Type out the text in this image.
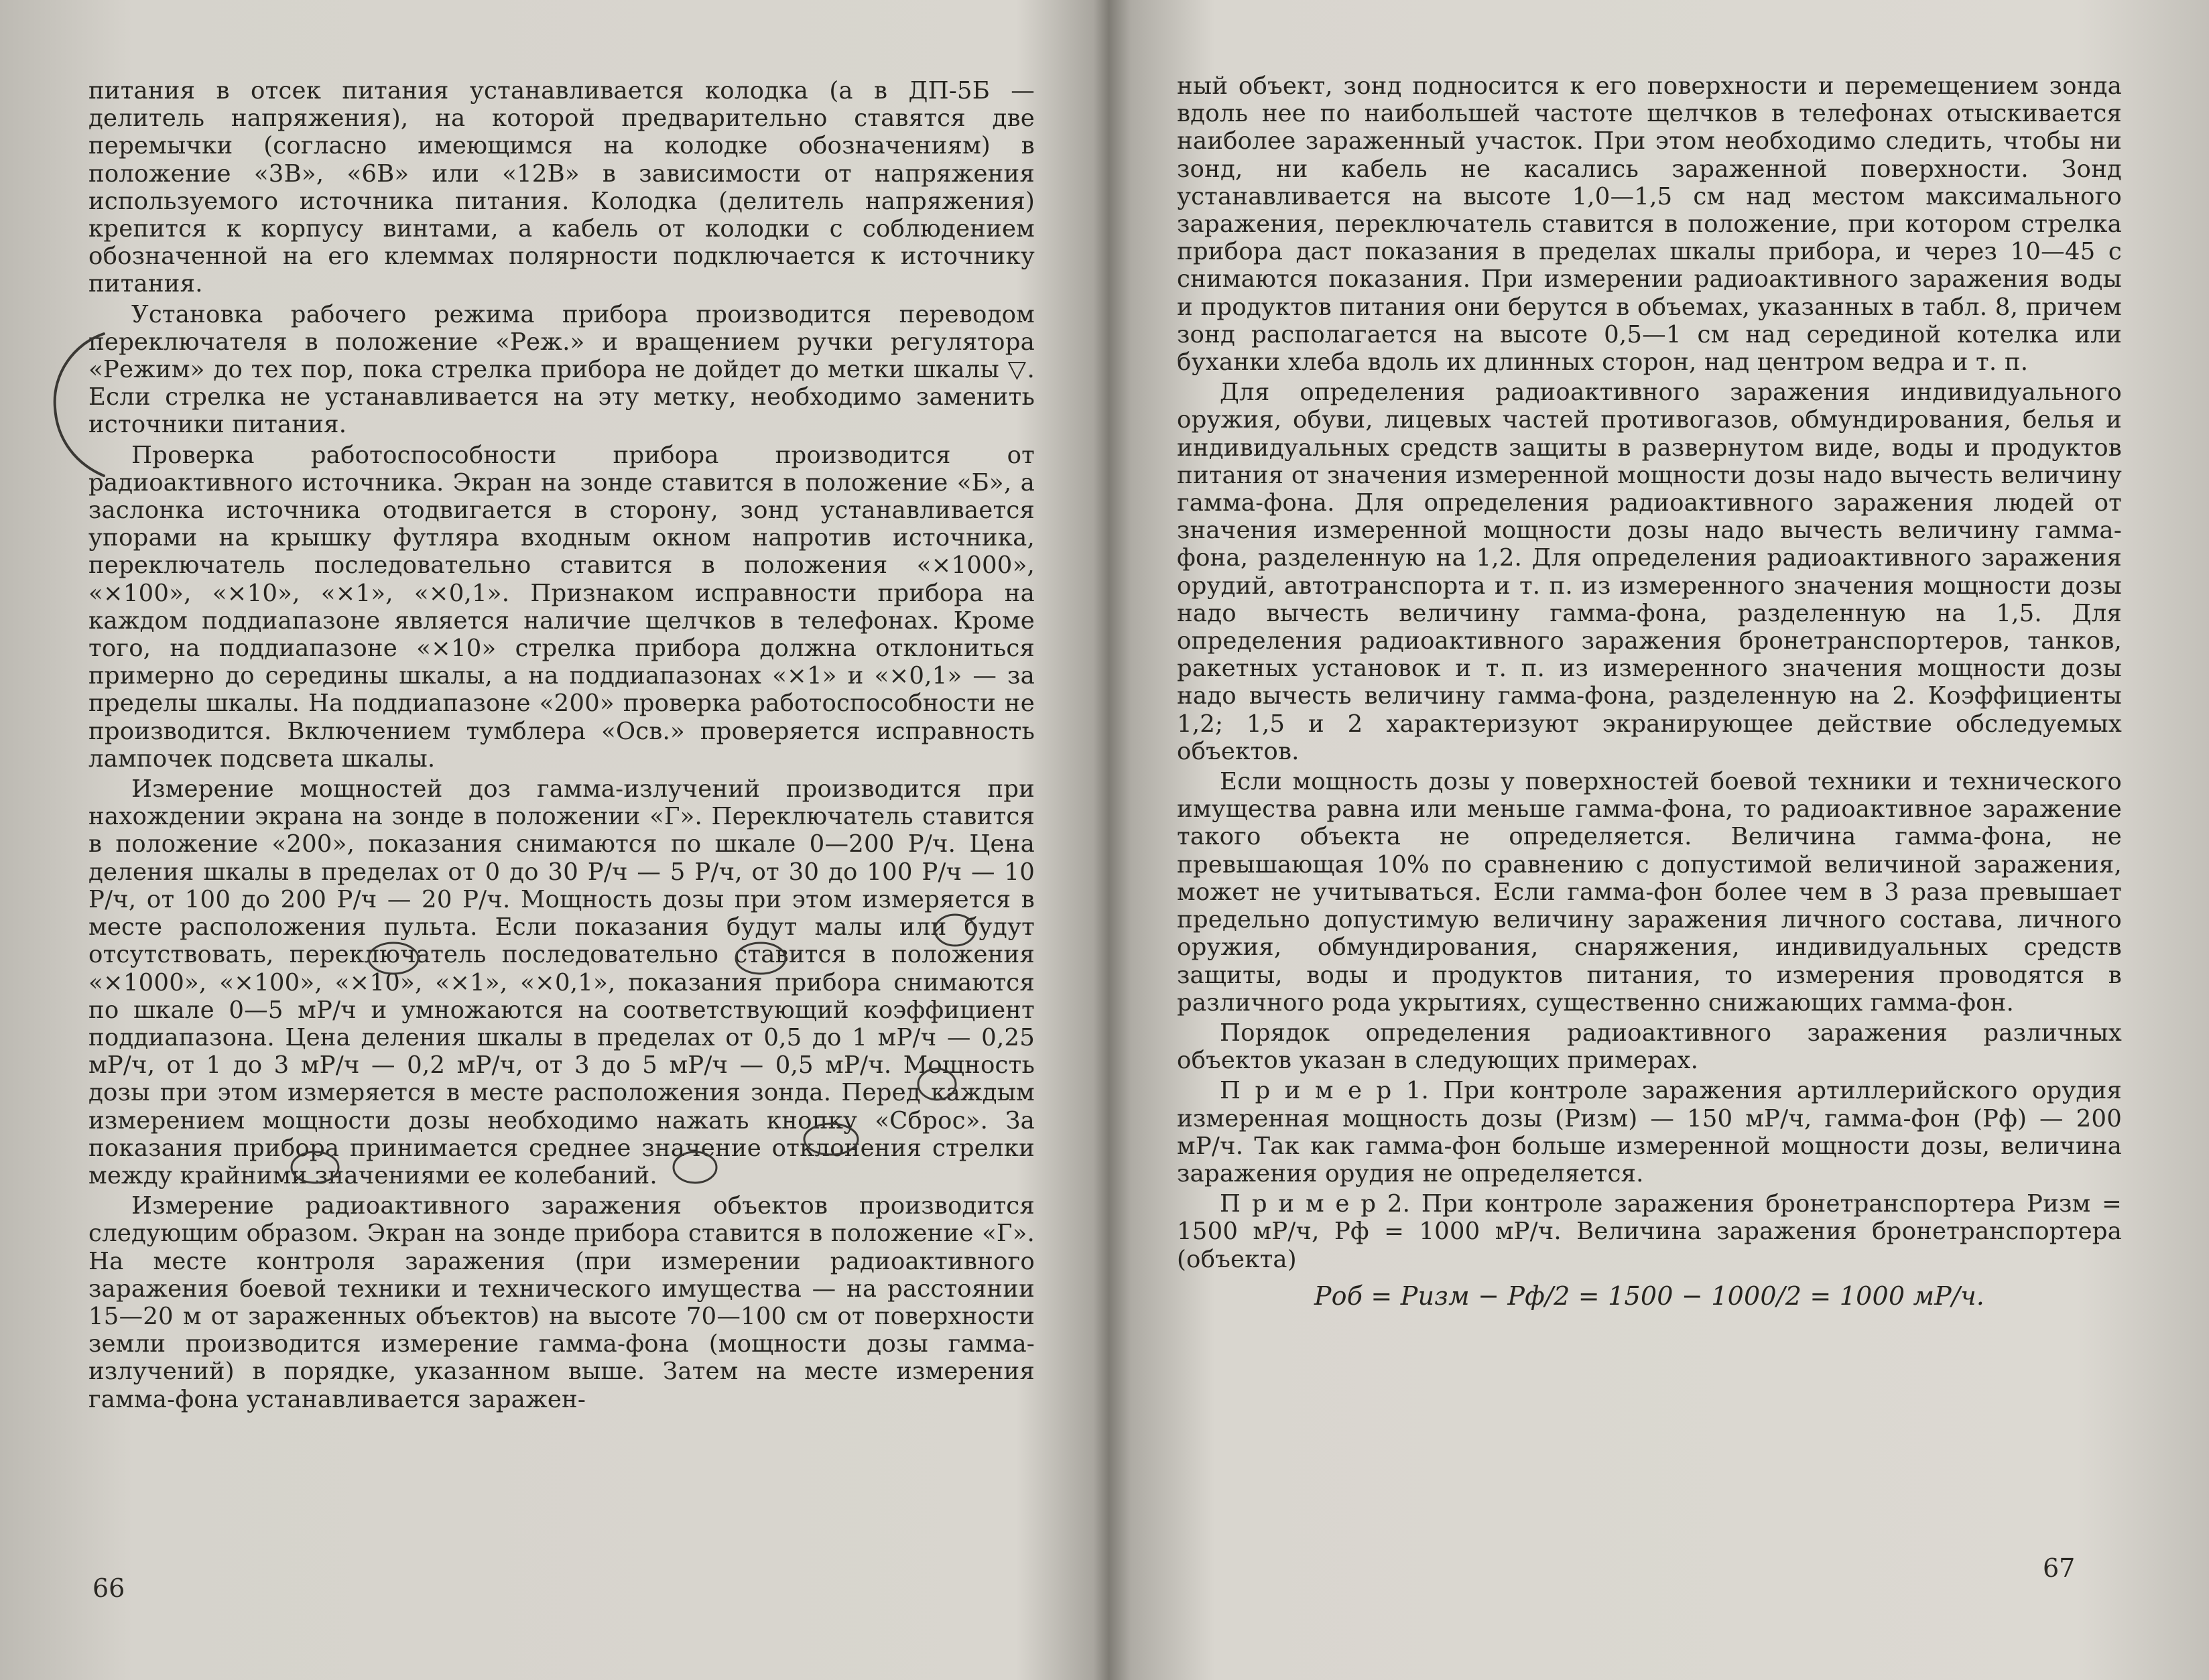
питания в отсек питания устанавливается колодка (а в ДП-5Б — делитель напряжения), на которой предварительно ставятся две перемычки (согласно имеющимся на колодке обозначениям) в положение «3В», «6В» или «12В» в зависимости от напряжения используемого источника питания. Колодка (делитель напряжения) крепится к корпусу винтами, а кабель от колодки с соблюдением обозначенной на его клеммах полярности подключается к источнику питания.

Установка рабочего режима прибора производится переводом переключателя в положение «Реж.» и вращением ручки регулятора «Режим» до тех пор, пока стрелка прибора не дойдет до метки шкалы ▽. Если стрелка не устанавливается на эту метку, необходимо заменить источники питания.

Проверка работоспособности прибора производится от радиоактивного источника. Экран на зонде ставится в положение «Б», а заслонка источника отодвигается в сторону, зонд устанавливается упорами на крышку футляра входным окном напротив источника, переключатель последовательно ставится в положения «×1000», «×100», «×10», «×1», «×0,1». Признаком исправности прибора на каждом поддиапазоне является наличие щелчков в телефонах. Кроме того, на поддиапазоне «×10» стрелка прибора должна отклониться примерно до середины шкалы, а на поддиапазонах «×1» и «×0,1» — за пределы шкалы. На поддиапазоне «200» проверка работоспособности не производится. Включением тумблера «Осв.» проверяется исправность лампочек подсвета шкалы.

Измерение мощностей доз гамма-излучений производится при нахождении экрана на зонде в положении «Г». Переключатель ставится в положение «200», показания снимаются по шкале 0—200 Р/ч. Цена деления шкалы в пределах от 0 до 30 Р/ч — 5 Р/ч, от 30 до 100 Р/ч — 10 Р/ч, от 100 до 200 Р/ч — 20 Р/ч. Мощность дозы при этом измеряется в месте расположения пульта. Если показания будут малы или будут отсутствовать, переключатель последовательно ставится в положения «×1000», «×100», «×10», «×1», «×0,1», показания прибора снимаются по шкале 0—5 мР/ч и умножаются на соответствующий коэффициент поддиапазона. Цена деления шкалы в пределах от 0,5 до 1 мР/ч — 0,25 мР/ч, от 1 до 3 мР/ч — 0,2 мР/ч, от 3 до 5 мР/ч — 0,5 мР/ч. Мощность дозы при этом измеряется в месте расположения зонда. Перед каждым измерением мощности дозы необходимо нажать кнопку «Сброс». За показания прибора принимается среднее значение отклонения стрелки между крайними значениями ее колебаний.

Измерение радиоактивного заражения объектов производится следующим образом. Экран на зонде прибора ставится в положение «Г». На месте контроля заражения (при измерении радиоактивного заражения боевой техники и технического имущества — на расстоянии 15—20 м от зараженных объектов) на высоте 70—100 см от поверхности земли производится измерение гамма-фона (мощности дозы гамма-излучений) в порядке, указанном выше. Затем на месте измерения гамма-фона устанавливается заражен-

66

ный объект, зонд подносится к его поверхности и перемещением зонда вдоль нее по наибольшей частоте щелчков в телефонах отыскивается наиболее зараженный участок. При этом необходимо следить, чтобы ни зонд, ни кабель не касались зараженной поверхности. Зонд устанавливается на высоте 1,0—1,5 см над местом максимального заражения, переключатель ставится в положение, при котором стрелка прибора даст показания в пределах шкалы прибора, и через 10—45 с снимаются показания. При измерении радиоактивного заражения воды и продуктов питания они берутся в объемах, указанных в табл. 8, причем зонд располагается на высоте 0,5—1 см над серединой котелка или буханки хлеба вдоль их длинных сторон, над центром ведра и т. п.

Для определения радиоактивного заражения индивидуального оружия, обуви, лицевых частей противогазов, обмундирования, белья и индивидуальных средств защиты в развернутом виде, воды и продуктов питания от значения измеренной мощности дозы надо вычесть величину гамма-фона. Для определения радиоактивного заражения людей от значения измеренной мощности дозы надо вычесть величину гамма-фона, разделенную на 1,2. Для определения радиоактивного заражения орудий, автотранспорта и т. п. из измеренного значения мощности дозы надо вычесть величину гамма-фона, разделенную на 1,5. Для определения радиоактивного заражения бронетранспортеров, танков, ракетных установок и т. п. из измеренного значения мощности дозы надо вычесть величину гамма-фона, разделенную на 2. Коэффициенты 1,2; 1,5 и 2 характеризуют экранирующее действие обследуемых объектов.

Если мощность дозы у поверхностей боевой техники и технического имущества равна или меньше гамма-фона, то радиоактивное заражение такого объекта не определяется. Величина гамма-фона, не превышающая 10% по сравнению с допустимой величиной заражения, может не учитываться. Если гамма-фон более чем в 3 раза превышает предельно допустимую величину заражения личного состава, личного оружия, обмундирования, снаряжения, индивидуальных средств защиты, воды и продуктов питания, то измерения проводятся в различного рода укрытиях, существенно снижающих гамма-фон.

Порядок определения радиоактивного заражения различных объектов указан в следующих примерах.

П р и м е р 1. При контроле заражения артиллерийского орудия измеренная мощность дозы (Pизм) — 150 мР/ч, гамма-фон (Pф) — 200 мР/ч. Так как гамма-фон больше измеренной мощности дозы, величина заражения орудия не определяется.

П р и м е р 2. При контроле заражения бронетранспортера Pизм = 1500 мР/ч, Pф = 1000 мР/ч. Величина заражения бронетранспортера (объекта)

Pоб = Pизм − Pф/2 = 1500 − 1000/2 = 1000 мР/ч.

67
